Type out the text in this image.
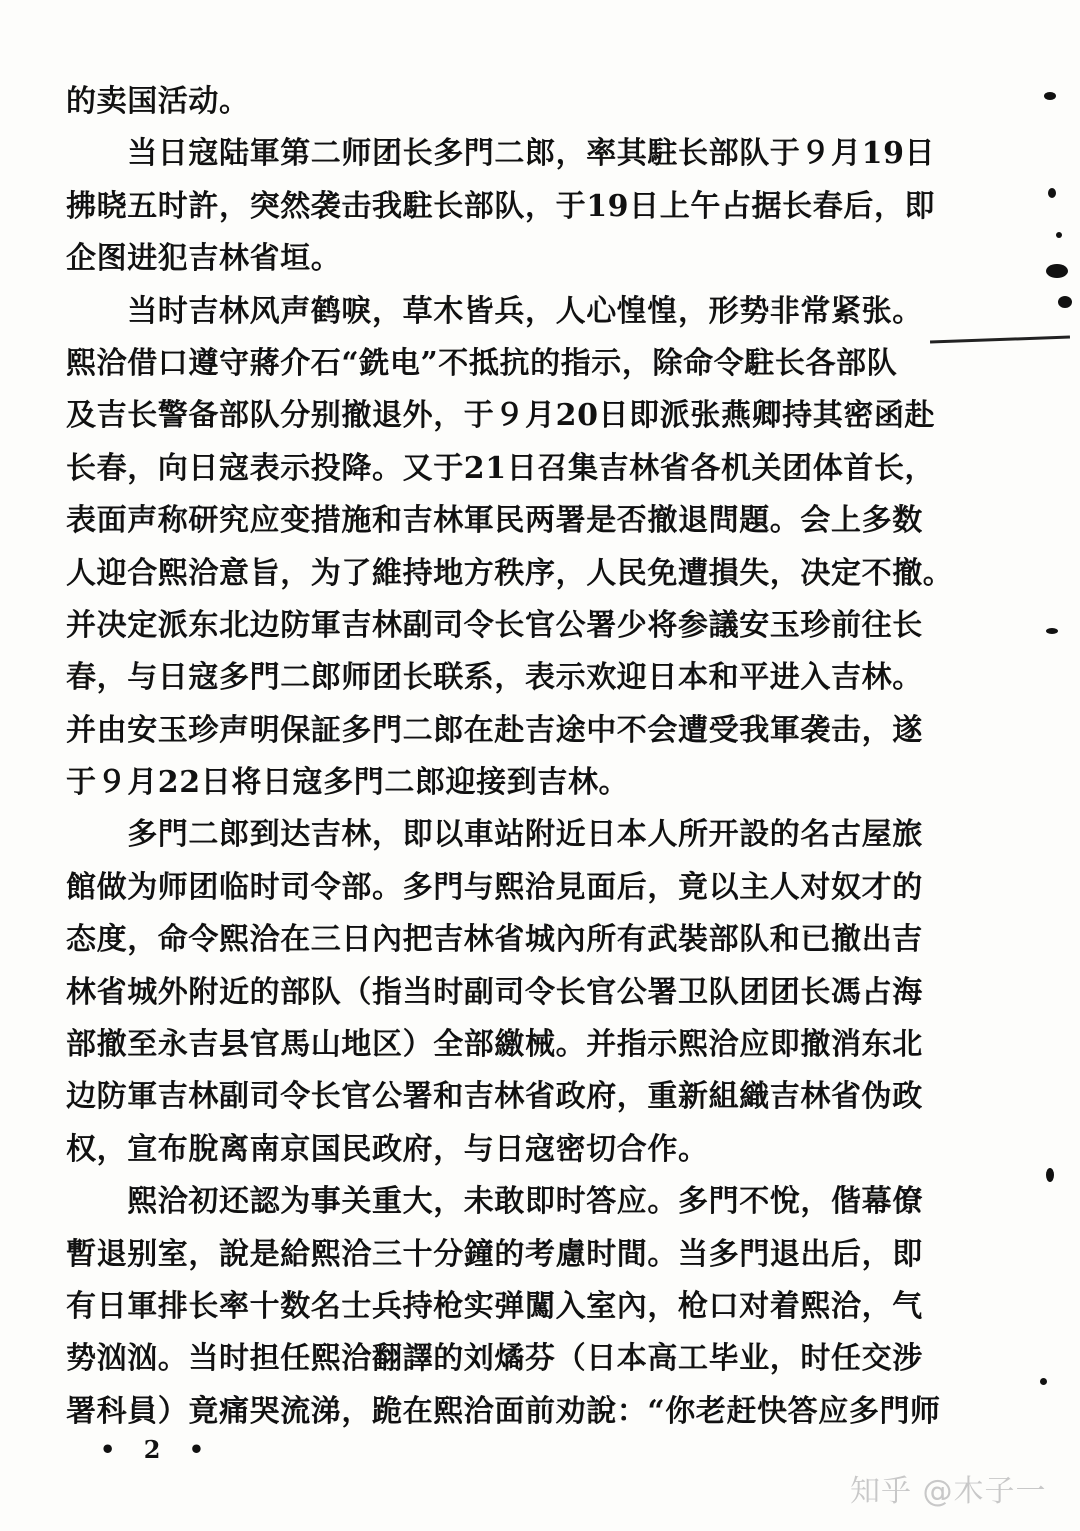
的卖国活动。
　　当日寇陆軍第二师团长多門二郎，率其駐长部队于９月19日
拂晓五时許，突然袭击我駐长部队，于19日上午占据长春后，即
企图进犯吉林省垣。
　　当时吉林风声鹤唳，草木皆兵，人心惶惶，形势非常紧张。
熙洽借口遵守蔣介石“銑电”不抵抗的指示，除命令駐长各部队
及吉长警备部队分别撤退外，于９月20日即派张燕卿持其密函赴
长春，向日寇表示投降。又于21日召集吉林省各机关团体首长，
表面声称研究应变措施和吉林軍民两署是否撤退問題。会上多数
人迎合熙洽意旨，为了維持地方秩序，人民免遭損失，决定不撤。
并决定派东北边防軍吉林副司令长官公署少将参議安玉珍前往长
春，与日寇多門二郎师团长联系，表示欢迎日本和平进入吉林。
并由安玉珍声明保証多門二郎在赴吉途中不会遭受我軍袭击，遂
于９月22日将日寇多門二郎迎接到吉林。
　　多門二郎到达吉林，即以車站附近日本人所开設的名古屋旅
館做为师团临时司令部。多門与熙洽見面后，竟以主人对奴才的
态度，命令熙洽在三日內把吉林省城內所有武裝部队和已撤出吉
林省城外附近的部队（指当时副司令长官公署卫队团团长馮占海
部撤至永吉县官馬山地区）全部繳械。并指示熙洽应即撤消东北
边防軍吉林副司令长官公署和吉林省政府，重新組織吉林省伪政
权，宣布脫离南京国民政府，与日寇密切合作。
　　熙洽初还認为事关重大，未敢即时答应。多門不悅，偕幕僚
暫退别室，說是給熙洽三十分鐘的考慮时間。当多門退出后，即
有日軍排长率十数名士兵持枪实弹闖入室內，枪口对着熙洽，气
势汹汹。当时担任熙洽翻譯的刘燏芬（日本高工毕业，时任交涉
署科員）竟痛哭流涕，跪在熙洽面前劝說：“你老赶快答应多門师
• 2 •
知乎 @木子一
